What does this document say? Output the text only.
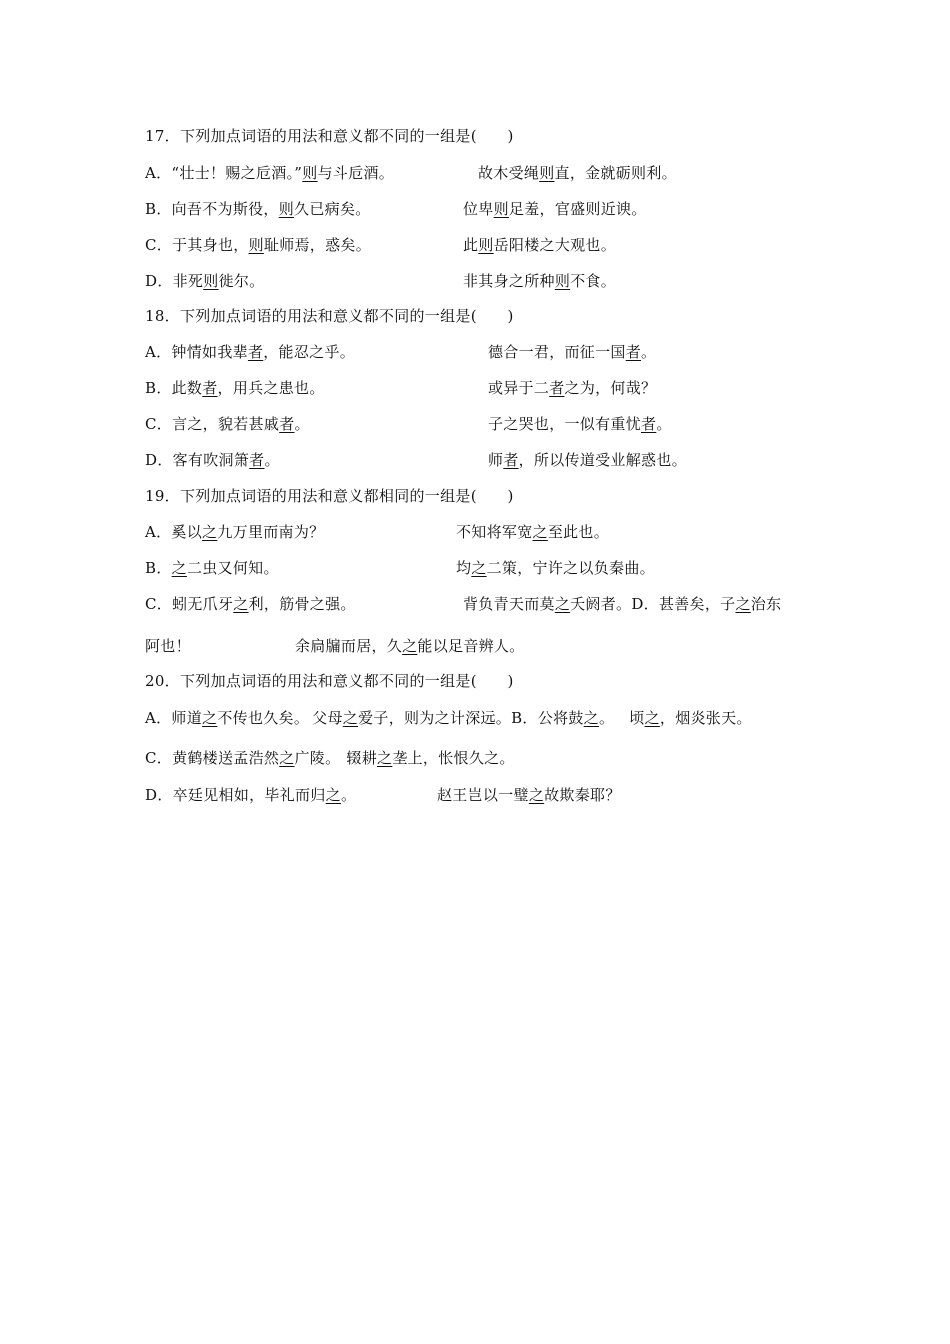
17．下列加点词语的用法和意义都不同的一组是(　　)
A．“壮士！赐之卮酒。”则与斗卮酒。	故木受绳则直，金就砺则利。
B．向吾不为斯役，则久已病矣。	位卑则足羞，官盛则近谀。
C．于其身也，则耻师焉，惑矣。	此则岳阳楼之大观也。
D．非死则徙尔。	非其身之所种则不食。
18．下列加点词语的用法和意义都不同的一组是(　　)
A．钟情如我辈者，能忍之乎。	德合一君，而征一国者。
B．此数者，用兵之患也。	或异于二者之为，何哉？
C．言之，貌若甚戚者。	子之哭也，一似有重忧者。
D．客有吹洞箫者。	师者，所以传道受业解惑也。
19．下列加点词语的用法和意义都相同的一组是(　　)
A．奚以之九万里而南为？	不知将军宽之至此也。
B．之二虫又何知。	均之二策，宁许之以负秦曲。
C．蚓无爪牙之利，筋骨之强。	背负青天而莫之夭阏者。D．甚善矣，子之治东
阿也！	余扃牖而居，久之能以足音辨人。
20．下列加点词语的用法和意义都不同的一组是(　　)
A．师道之不传也久矣。 父母之爱子，则为之计深远。B．公将鼓之。 顷之，烟炎张天。
C．黄鹤楼送孟浩然之广陵。 辍耕之垄上，怅恨久之。
D．卒廷见相如，毕礼而归之。	赵王岂以一璧之故欺秦耶？
